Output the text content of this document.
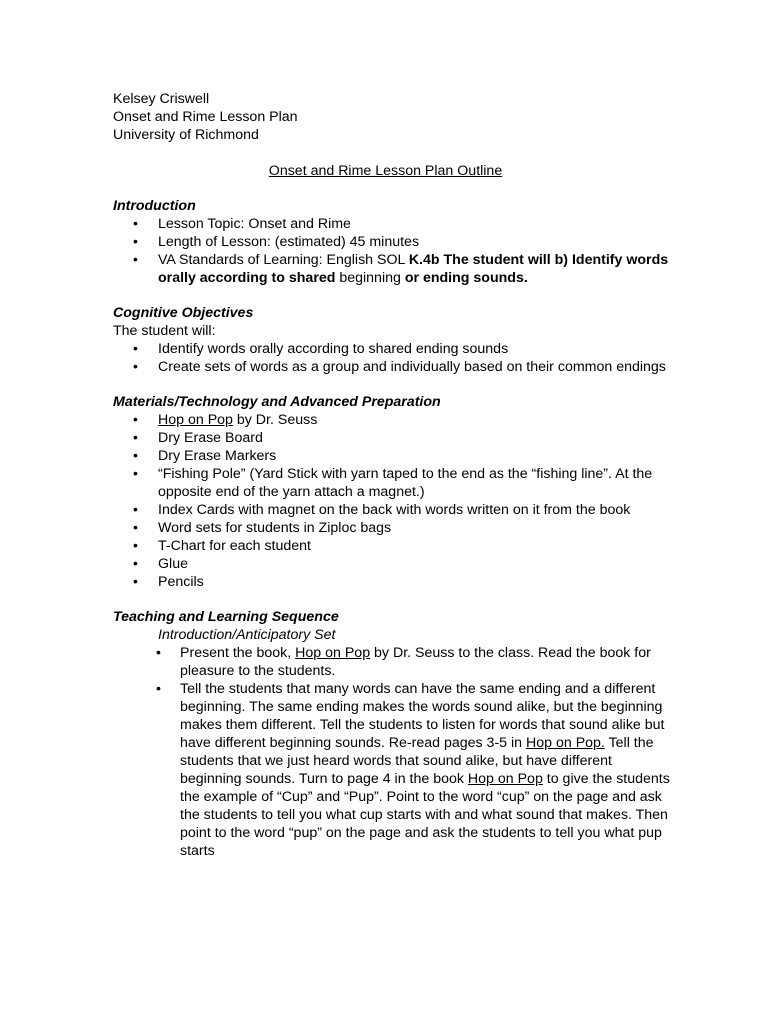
Kelsey Criswell
Onset and Rime Lesson Plan
University of Richmond
Onset and Rime Lesson Plan Outline
Introduction
• Lesson Topic: Onset and Rime
• Length of Lesson: (estimated) 45 minutes
• VA Standards of Learning: English SOL K.4b The student will b) Identify words orally according to shared beginning or ending sounds.
Cognitive Objectives
The student will:
• Identify words orally according to shared ending sounds
• Create sets of words as a group and individually based on their common endings
Materials/Technology and Advanced Preparation
• Hop on Pop by Dr. Seuss
• Dry Erase Board
• Dry Erase Markers
• “Fishing Pole” (Yard Stick with yarn taped to the end as the “fishing line”. At the opposite end of the yarn attach a magnet.)
• Index Cards with magnet on the back with words written on it from the book
• Word sets for students in Ziploc bags
• T-Chart for each student
• Glue
• Pencils
Teaching and Learning Sequence
Introduction/Anticipatory Set
• Present the book, Hop on Pop by Dr. Seuss to the class. Read the book for pleasure to the students.
• Tell the students that many words can have the same ending and a different beginning. The same ending makes the words sound alike, but the beginning makes them different. Tell the students to listen for words that sound alike but have different beginning sounds. Re-read pages 3-5 in Hop on Pop. Tell the students that we just heard words that sound alike, but have different beginning sounds. Turn to page 4 in the book Hop on Pop to give the students the example of “Cup” and “Pup”. Point to the word “cup” on the page and ask the students to tell you what cup starts with and what sound that makes. Then point to the word “pup” on the page and ask the students to tell you what pup starts
